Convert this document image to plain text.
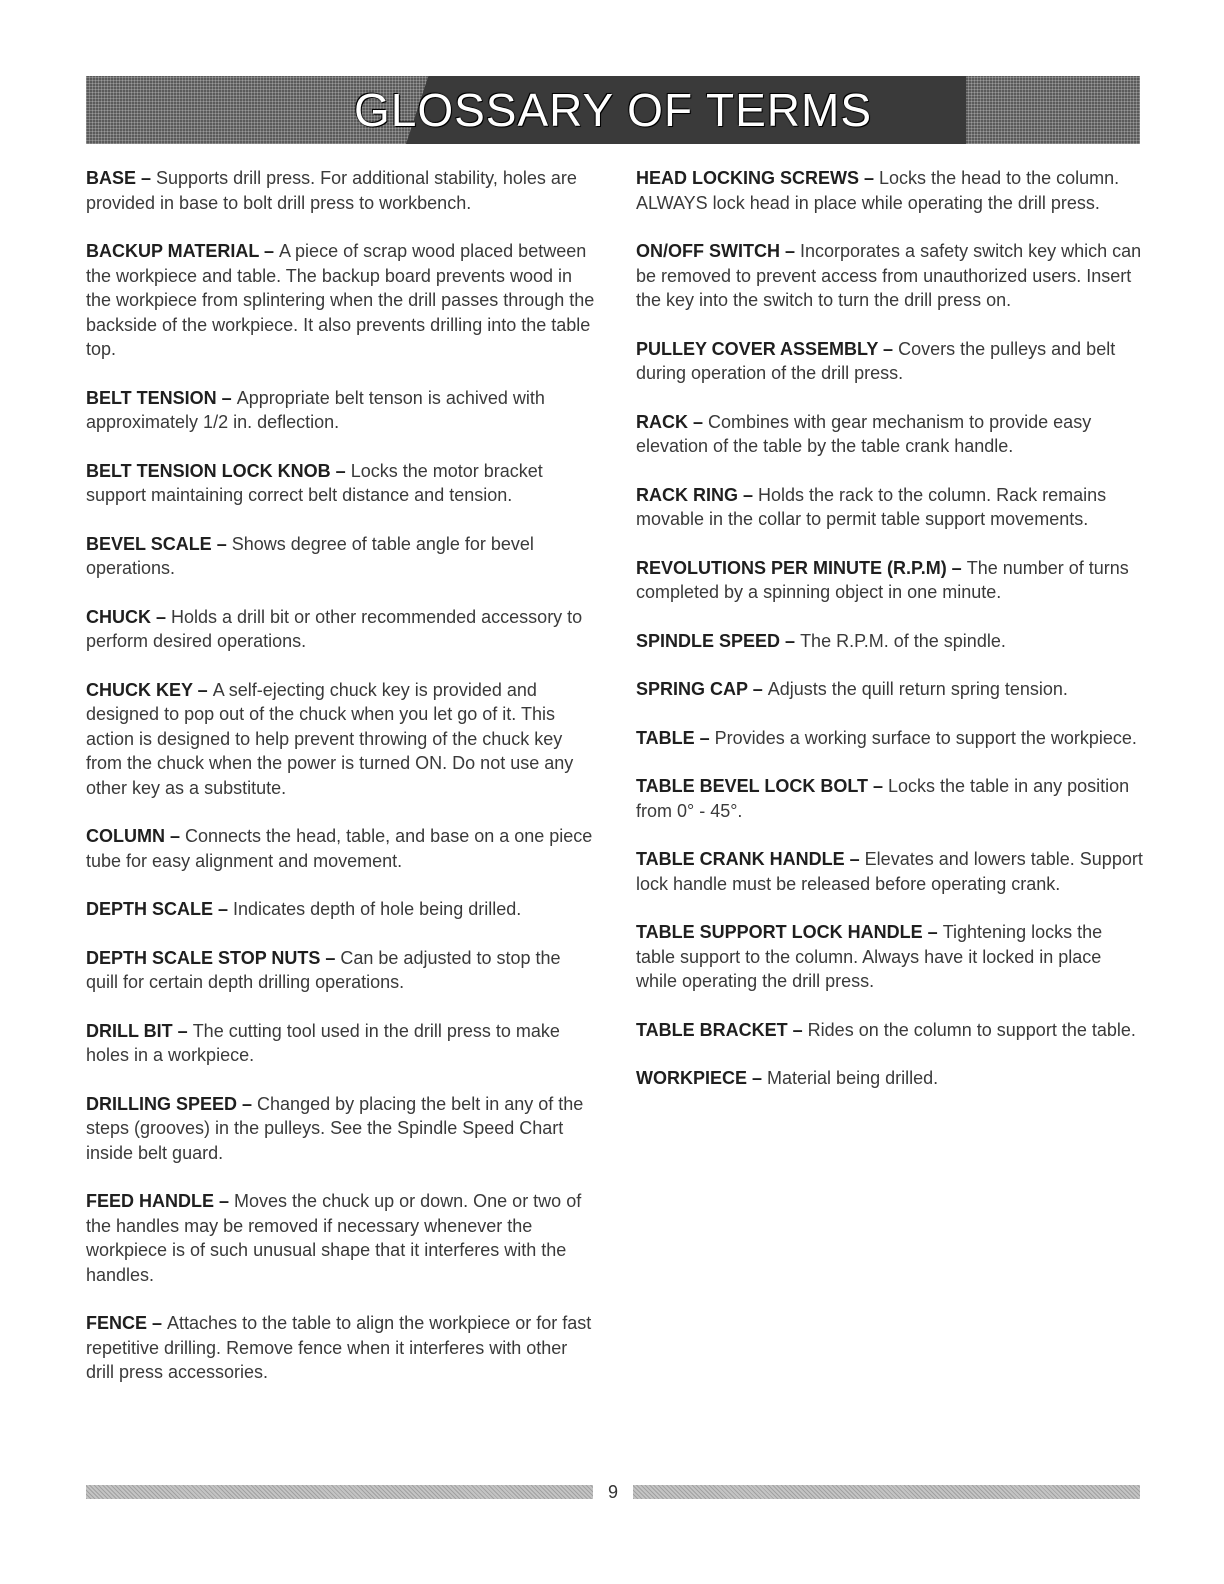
GLOSSARY OF TERMS

BASE – Supports drill press. For additional stability, holes are provided in base to bolt drill press to workbench.

BACKUP MATERIAL – A piece of scrap wood placed between the workpiece and table. The backup board prevents wood in the workpiece from splintering when the drill passes through the backside of the workpiece. It also prevents drilling into the table top.

BELT TENSION – Appropriate belt tenson is achived with approximately 1/2 in. deflection.

BELT TENSION LOCK KNOB – Locks the motor bracket support maintaining correct belt distance and tension.

BEVEL SCALE – Shows degree of table angle for bevel operations.

CHUCK – Holds a drill bit or other recommended accessory to perform desired operations.

CHUCK KEY – A self-ejecting chuck key is provided and designed to pop out of the chuck when you let go of it. This action is designed to help prevent throwing of the chuck key from the chuck when the power is turned ON. Do not use any other key as a substitute.

COLUMN – Connects the head, table, and base on a one piece tube for easy alignment and movement.

DEPTH SCALE – Indicates depth of hole being drilled.

DEPTH SCALE STOP NUTS – Can be adjusted to stop the quill for certain depth drilling operations.

DRILL BIT – The cutting tool used in the drill press to make holes in a workpiece.

DRILLING SPEED – Changed by placing the belt in any of the steps (grooves) in the pulleys. See the Spindle Speed Chart inside belt guard.

FEED HANDLE – Moves the chuck up or down. One or two of the handles may be removed if necessary whenever the workpiece is of such unusual shape that it interferes with the handles.

FENCE – Attaches to the table to align the workpiece or for fast repetitive drilling. Remove fence when it interferes with other drill press accessories.

HEAD LOCKING SCREWS – Locks the head to the column. ALWAYS lock head in place while operating the drill press.

ON/OFF SWITCH – Incorporates a safety switch key which can be removed to prevent access from unauthorized users. Insert the key into the switch to turn the drill press on.

PULLEY COVER ASSEMBLY – Covers the pulleys and belt during operation of the drill press.

RACK – Combines with gear mechanism to provide easy elevation of the table by the table crank handle.

RACK RING – Holds the rack to the column. Rack remains movable in the collar to permit table support movements.

REVOLUTIONS PER MINUTE (R.P.M) – The number of turns completed by a spinning object in one minute.

SPINDLE SPEED – The R.P.M. of the spindle.

SPRING CAP – Adjusts the quill return spring tension.

TABLE – Provides a working surface to support the workpiece.

TABLE BEVEL LOCK BOLT – Locks the table in any position from 0° - 45°.

TABLE CRANK HANDLE – Elevates and lowers table. Support lock handle must be released before operating crank.

TABLE SUPPORT LOCK HANDLE – Tightening locks the table support to the column. Always have it locked in place while operating the drill press.

TABLE BRACKET – Rides on the column to support the table.

WORKPIECE – Material being drilled.

9
